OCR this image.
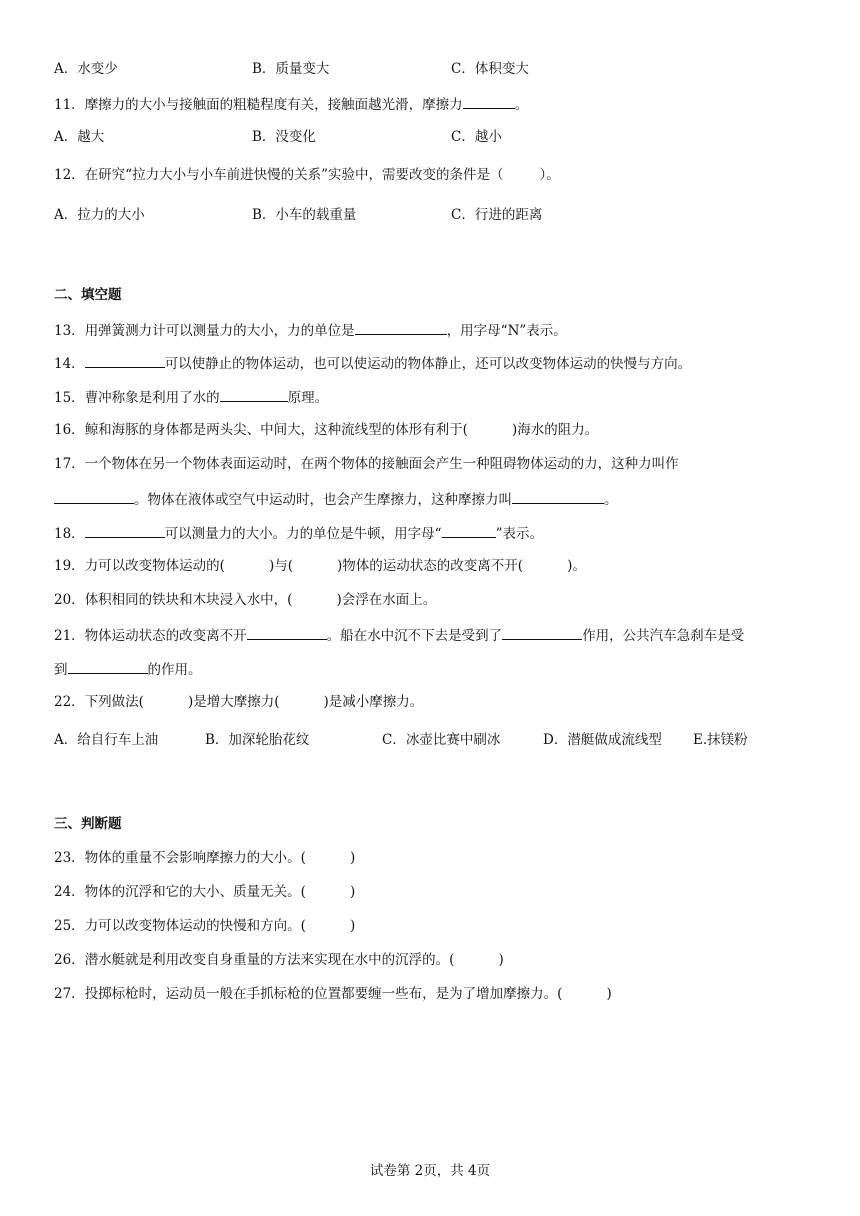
A．水变少	B．质量变大	C．体积变大
11．摩擦力的大小与接触面的粗糙程度有关，接触面越光滑，摩擦力	。
A．越大	B．没变化	C．越小
12．在研究“拉力大小与小车前进快慢的关系”实验中，需要改变的条件是（	）。
A．拉力的大小	B．小车的载重量	C．行进的距离
二、填空题
13．用弹簧测力计可以测量力的大小，力的单位是	，用字母“N”表示。
14．	可以使静止的物体运动，也可以使运动的物体静止，还可以改变物体运动的快慢与方向。
15．曹冲称象是利用了水的	原理。
16．鲸和海豚的身体都是两头尖、中间大，这种流线型的体形有利于(	)海水的阻力。
17．一个物体在另一个物体表面运动时，在两个物体的接触面会产生一种阻碍物体运动的力，这种力叫作
。物体在液体或空气中运动时，也会产生摩擦力，这种摩擦力叫	。
18．	可以测量力的大小。力的单位是牛顿，用字母“	”表示。
19．力可以改变物体运动的(	)与(	)物体的运动状态的改变离不开(	)。
20．体积相同的铁块和木块浸入水中，(	)会浮在水面上。
21．物体运动状态的改变离不开	。船在水中沉不下去是受到了	作用，公共汽车急刹车是受
到	的作用。
22．下列做法(	)是增大摩擦力(	)是减小摩擦力。
A．给自行车上油	B．加深轮胎花纹	C．冰壶比赛中刷冰	D．潜艇做成流线型 E.抹镁粉
三、判断题
23．物体的重量不会影响摩擦力的大小。(	)
24．物体的沉浮和它的大小、质量无关。(	)
25．力可以改变物体运动的快慢和方向。(	)
26．潜水艇就是利用改变自身重量的方法来实现在水中的沉浮的。(	)
27．投掷标枪时，运动员一般在手抓标枪的位置都要缠一些布，是为了增加摩擦力。(	)
试卷第 2页，共 4页
